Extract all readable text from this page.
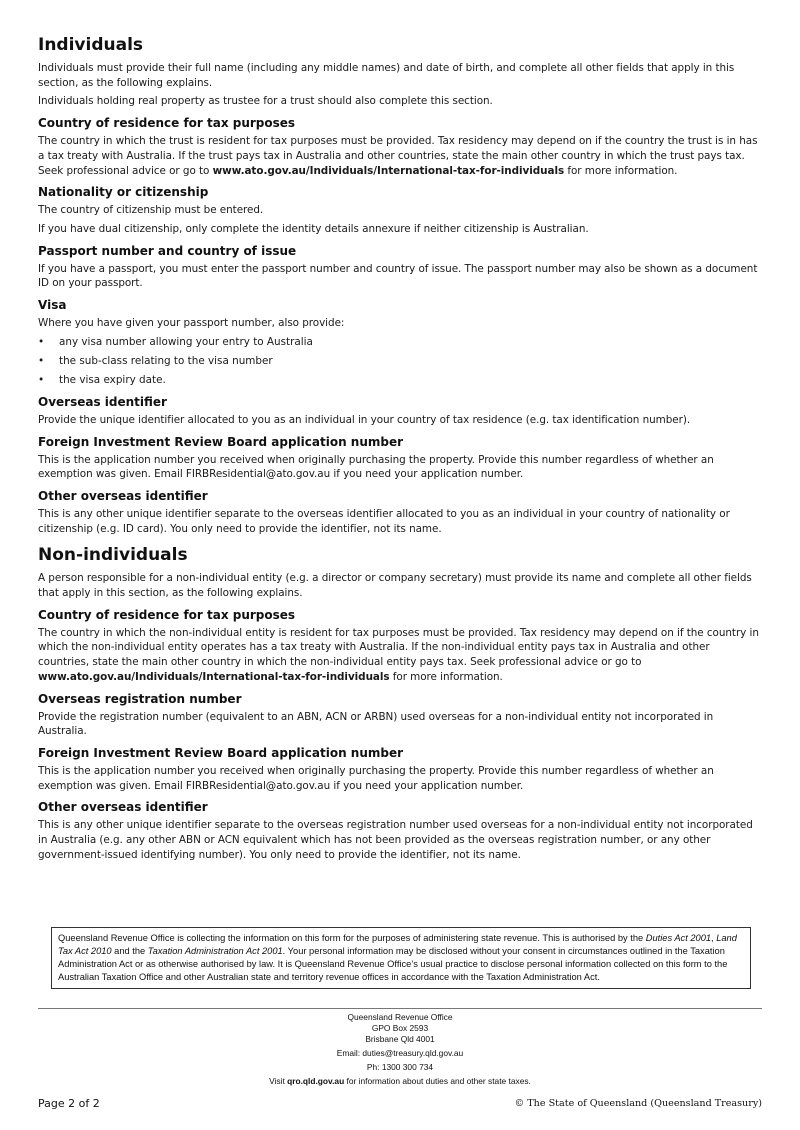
Individuals

Individuals must provide their full name (including any middle names) and date of birth, and complete all other fields that apply in this section, as the following explains.

Individuals holding real property as trustee for a trust should also complete this section.

Country of residence for tax purposes

The country in which the trust is resident for tax purposes must be provided. Tax residency may depend on if the country the trust is in has a tax treaty with Australia. If the trust pays tax in Australia and other countries, state the main other country in which the trust pays tax. Seek professional advice or go to www.ato.gov.au/Individuals/International-tax-for-individuals for more information.

Nationality or citizenship

The country of citizenship must be entered.

If you have dual citizenship, only complete the identity details annexure if neither citizenship is Australian.

Passport number and country of issue

If you have a passport, you must enter the passport number and country of issue. The passport number may also be shown as a document ID on your passport.

Visa

Where you have given your passport number, also provide:

• any visa number allowing your entry to Australia
• the sub-class relating to the visa number
• the visa expiry date.
Overseas identifier

Provide the unique identifier allocated to you as an individual in your country of tax residence (e.g. tax identification number).

Foreign Investment Review Board application number

This is the application number you received when originally purchasing the property. Provide this number regardless of whether an exemption was given. Email FIRBResidential@ato.gov.au if you need your application number.

Other overseas identifier

This is any other unique identifier separate to the overseas identifier allocated to you as an individual in your country of nationality or citizenship (e.g. ID card). You only need to provide the identifier, not its name.

Non-individuals

A person responsible for a non-individual entity (e.g. a director or company secretary) must provide its name and complete all other fields that apply in this section, as the following explains.

Country of residence for tax purposes

The country in which the non-individual entity is resident for tax purposes must be provided. Tax residency may depend on if the country in which the non-individual entity operates has a tax treaty with Australia. If the non-individual entity pays tax in Australia and other countries, state the main other country in which the non-individual entity pays tax. Seek professional advice or go to www.ato.gov.au/Individuals/International-tax-for-individuals for more information.

Overseas registration number

Provide the registration number (equivalent to an ABN, ACN or ARBN) used overseas for a non-individual entity not incorporated in Australia.

Foreign Investment Review Board application number

This is the application number you received when originally purchasing the property. Provide this number regardless of whether an exemption was given. Email FIRBResidential@ato.gov.au if you need your application number.

Other overseas identifier

This is any other unique identifier separate to the overseas registration number used overseas for a non-individual entity not incorporated in Australia (e.g. any other ABN or ACN equivalent which has not been provided as the overseas registration number, or any other government-issued identifying number). You only need to provide the identifier, not its name.

Queensland Revenue Office is collecting the information on this form for the purposes of administering state revenue. This is authorised by the Duties Act 2001, Land Tax Act 2010 and the Taxation Administration Act 2001. Your personal information may be disclosed without your consent in circumstances outlined in the Taxation Administration Act or as otherwise authorised by law. It is Queensland Revenue Office’s usual practice to disclose personal information collected on this form to the Australian Taxation Office and other Australian state and territory revenue offices in accordance with the Taxation Administration Act.
Queensland Revenue Office
GPO Box 2593
Brisbane Qld 4001
Email: duties@treasury.qld.gov.au
Ph: 1300 300 734
Visit qro.qld.gov.au for information about duties and other state taxes.
Page 2 of 2	© The State of Queensland (Queensland Treasury)
